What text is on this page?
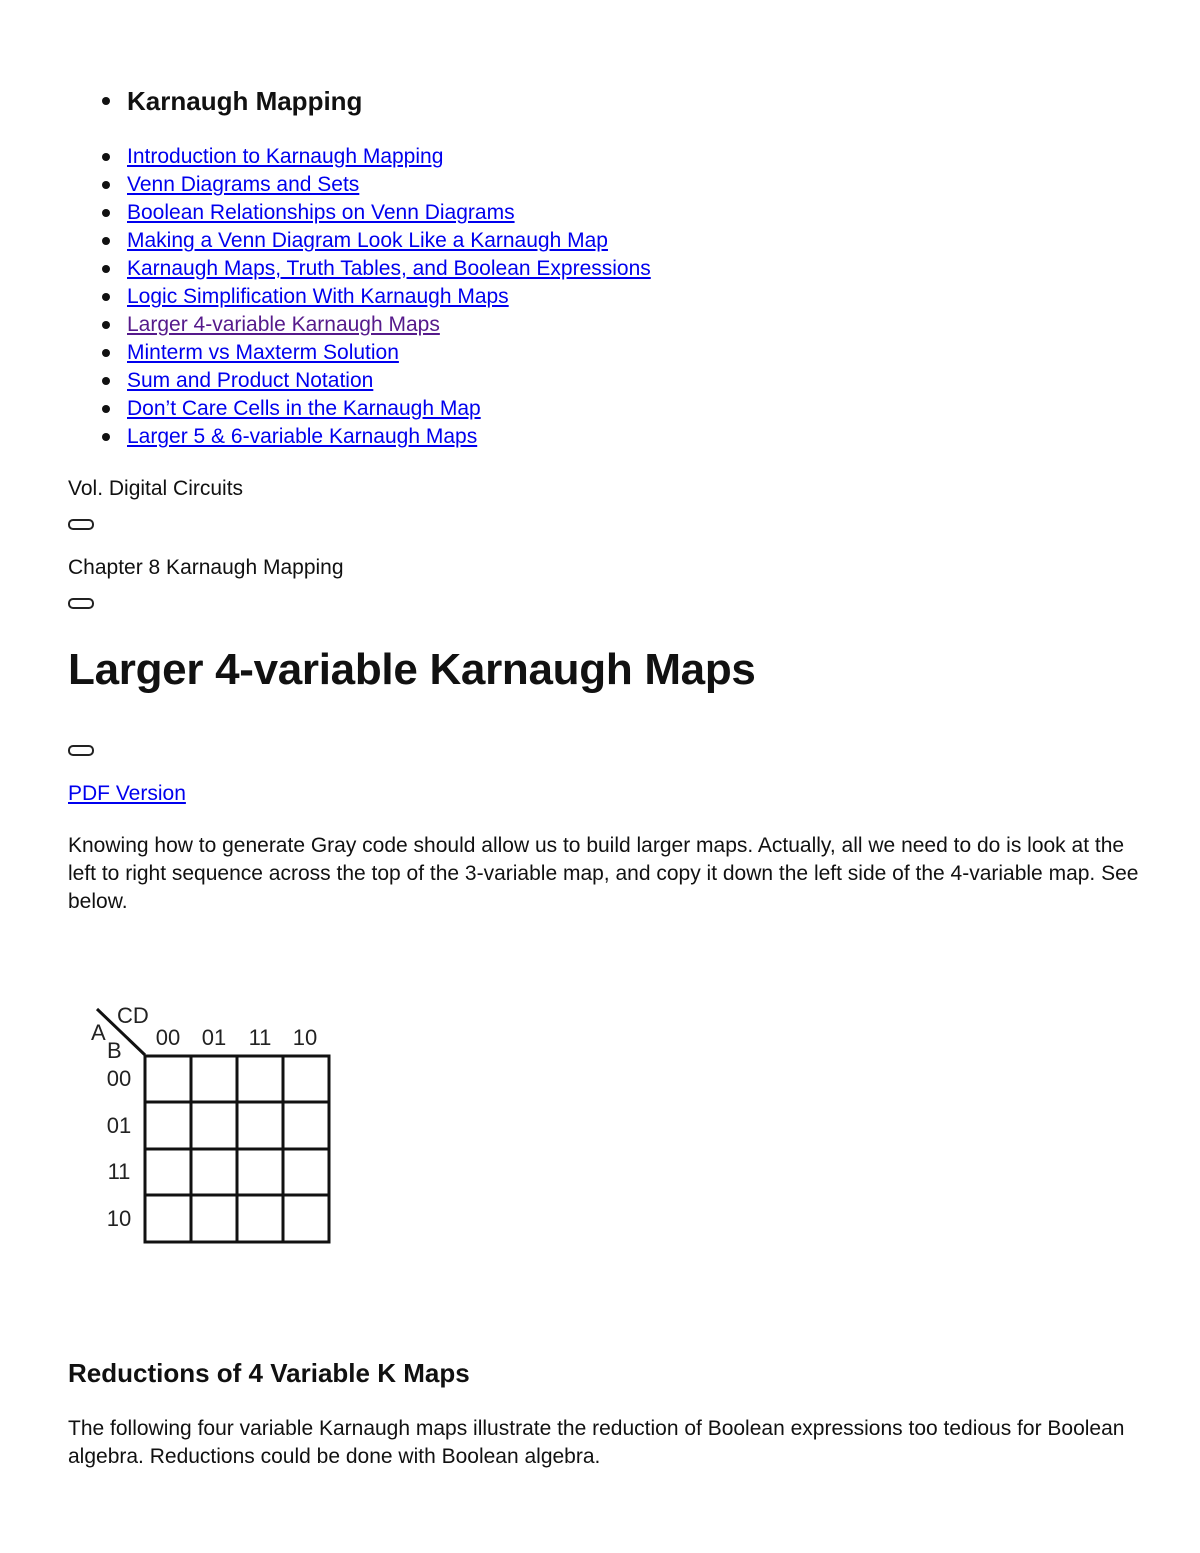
Karnaugh Mapping
Introduction to Karnaugh Mapping
Venn Diagrams and Sets
Boolean Relationships on Venn Diagrams
Making a Venn Diagram Look Like a Karnaugh Map
Karnaugh Maps, Truth Tables, and Boolean Expressions
Logic Simplification With Karnaugh Maps
Larger 4-variable Karnaugh Maps
Minterm vs Maxterm Solution
Sum and Product Notation
Don’t Care Cells in the Karnaugh Map
Larger 5 & 6-variable Karnaugh Maps
Vol. Digital Circuits
Chapter 8 Karnaugh Mapping
Larger 4-variable Karnaugh Maps
PDF Version

Knowing how to generate Gray code should allow us to build larger maps. Actually, all we need to do is look at the left to right sequence across the top of the 3-variable map, and copy it down the left side of the 4-variable map. See below.

CD
A
B
00 01 11 10
00
01
11
10
Reductions of 4 Variable K Maps

The following four variable Karnaugh maps illustrate the reduction of Boolean expressions too tedious for Boolean algebra. Reductions could be done with Boolean algebra.
